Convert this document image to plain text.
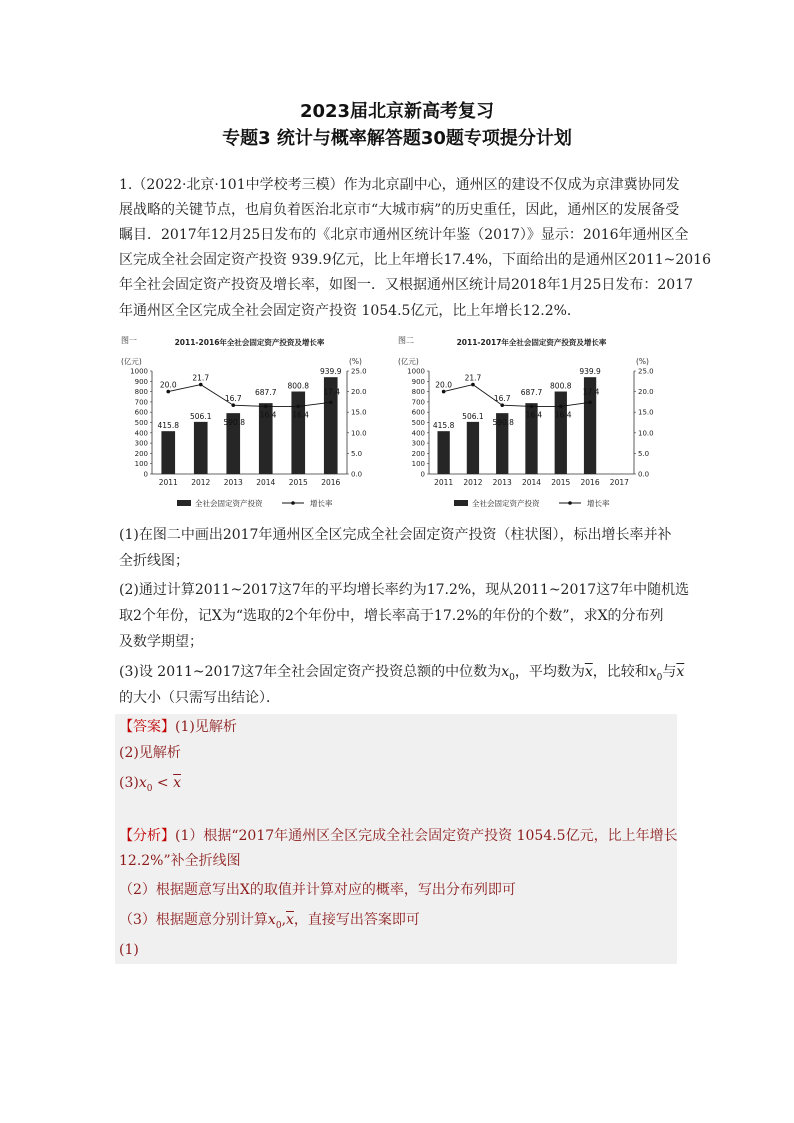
2023届北京新高考复习
专题3 统计与概率解答题30题专项提分计划
1.（2022·北京·101中学校考三模）作为北京副中心，通州区的建设不仅成为京津冀协同发
展战略的关键节点，也肩负着医治北京市“大城市病”的历史重任，因此，通州区的发展备受
瞩目．2017年12月25日发布的《北京市通州区统计年鉴（2017）》显示：2016年通州区全
区完成全社会固定资产投资 939.9亿元，比上年增长17.4%，下面给出的是通州区2011~2016
年全社会固定资产投资及增长率，如图一．又根据通州区统计局2018年1月25日发布：2017
年通州区全区完成全社会固定资产投资 1054.5亿元，比上年增长12.2%．
图一	2011-2016年全社会固定资产投资及增长率
(亿元)	(%)
0
100
200
300
400
500
600
700
800
900
1000
0.0
5.0
10.0
15.0
20.0
25.0
2011 2012 2013 2014 2015 2016
415.8
506.1
590.8
687.7
800.8
939.9
20.0
21.7
16.7
16.4 16.4
17.4
全社会固定资产投资	增长率
图二	2011-2017年全社会固定资产投资及增长率
(亿元)	(%)
0
100
200
300
400
500
600
700
800
900
1000
0.0
5.0
10.0
15.0
20.0
25.0
2011 2012 2013 2014 2015 2016 2017
415.8
506.1
590.8
687.7
800.8
939.9
20.0
21.7
16.7
16.4 16.4
17.4
全社会固定资产投资	增长率
(1)在图二中画出2017年通州区全区完成全社会固定资产投资（柱状图），标出增长率并补
全折线图；
(2)通过计算2011~2017这7年的平均增长率约为17.2%，现从2011~2017这7年中随机选
取2个年份，记X为“选取的2个年份中，增长率高于17.2%的年份的个数”，求X的分布列
及数学期望；
(3)设 2011~2017这7年全社会固定资产投资总额的中位数为$x_0$，平均数为$\overline{x}$，比较和$x_0$与$\overline{x}$
的大小（只需写出结论）．
【答案】(1)见解析
(2)见解析
$(3)x_0 < \overline{x}$
【分析】(1）根据“2017年通州区全区完成全社会固定资产投资 1054.5亿元，比上年增长
12.2%”补全折线图
（2）根据题意写出X的取值并计算对应的概率，写出分布列即可
（3）根据题意分别计算$x_0,\overline{x}$，直接写出答案即可
(1)
